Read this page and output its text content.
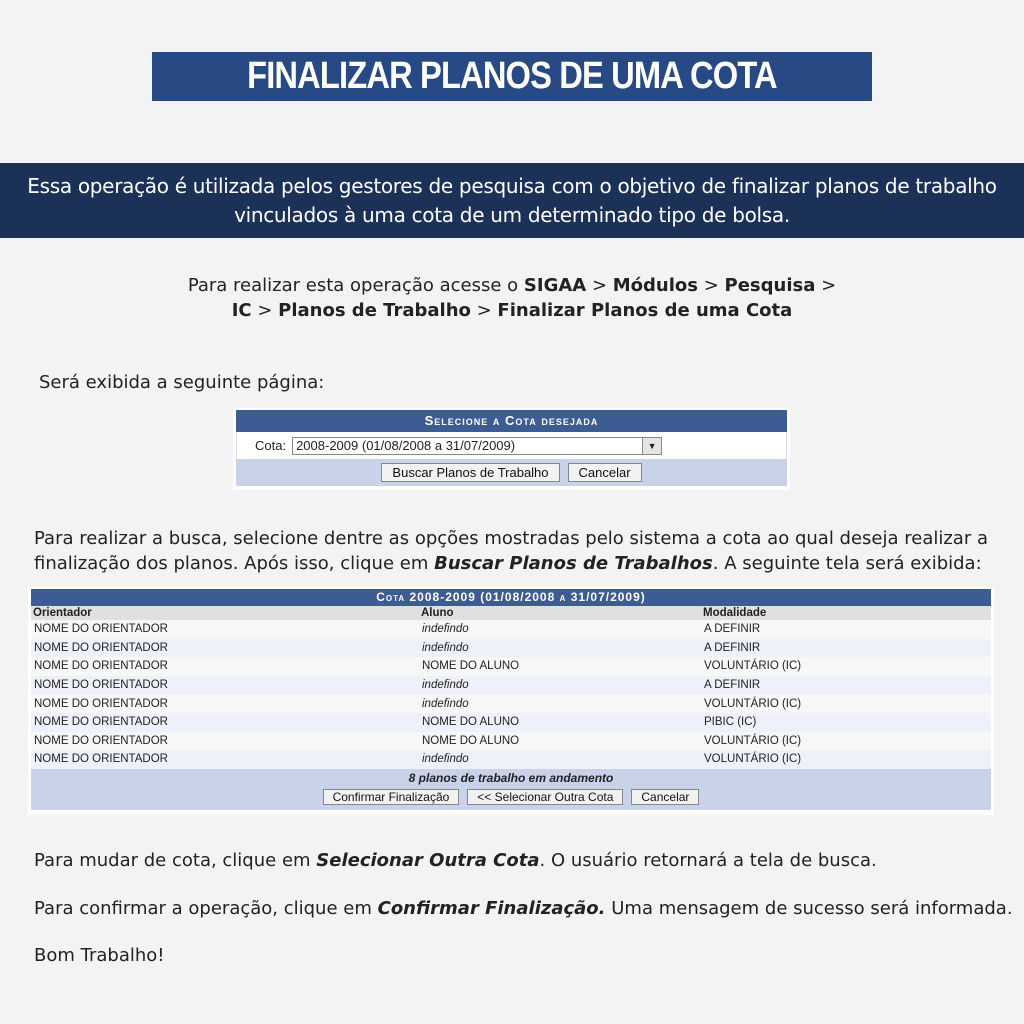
FINALIZAR PLANOS DE UMA COTA

Essa operação é utilizada pelos gestores de pesquisa com o objetivo de finalizar planos de trabalho vinculados à uma cota de um determinado tipo de bolsa.

Para realizar esta operação acesse o SIGAA > Módulos > Pesquisa >
IC > Planos de Trabalho > Finalizar Planos de uma Cota
Será exibida a seguinte página:
Selecione a Cota desejada
Cota: 2008-2009 (01/08/2008 a 31/07/2009)	▼
Buscar Planos de Trabalho	Cancelar
Para realizar a busca, selecione dentre as opções mostradas pelo sistema a cota ao qual deseja realizar a finalização dos planos. Após isso, clique em Buscar Planos de Trabalhos. A seguinte tela será exibida:
Cota 2008-2009 (01/08/2008 a 31/07/2009)
Orientador	Aluno	Modalidade
NOME DO ORIENTADOR	indefindo	A DEFINIR
NOME DO ORIENTADOR	indefindo	A DEFINIR
NOME DO ORIENTADOR	NOME DO ALUNO	VOLUNTÁRIO (IC)
NOME DO ORIENTADOR	indefindo	A DEFINIR
NOME DO ORIENTADOR	indefindo	VOLUNTÁRIO (IC)
NOME DO ORIENTADOR	NOME DO ALUNO	PIBIC (IC)
NOME DO ORIENTADOR	NOME DO ALUNO	VOLUNTÁRIO (IC)
NOME DO ORIENTADOR	indefindo	VOLUNTÁRIO (IC)
8 planos de trabalho em andamento
Confirmar Finalização	<< Selecionar Outra Cota	Cancelar
Para mudar de cota, clique em Selecionar Outra Cota. O usuário retornará a tela de busca.
Para confirmar a operação, clique em Confirmar Finalização. Uma mensagem de sucesso será informada.
Bom Trabalho!
